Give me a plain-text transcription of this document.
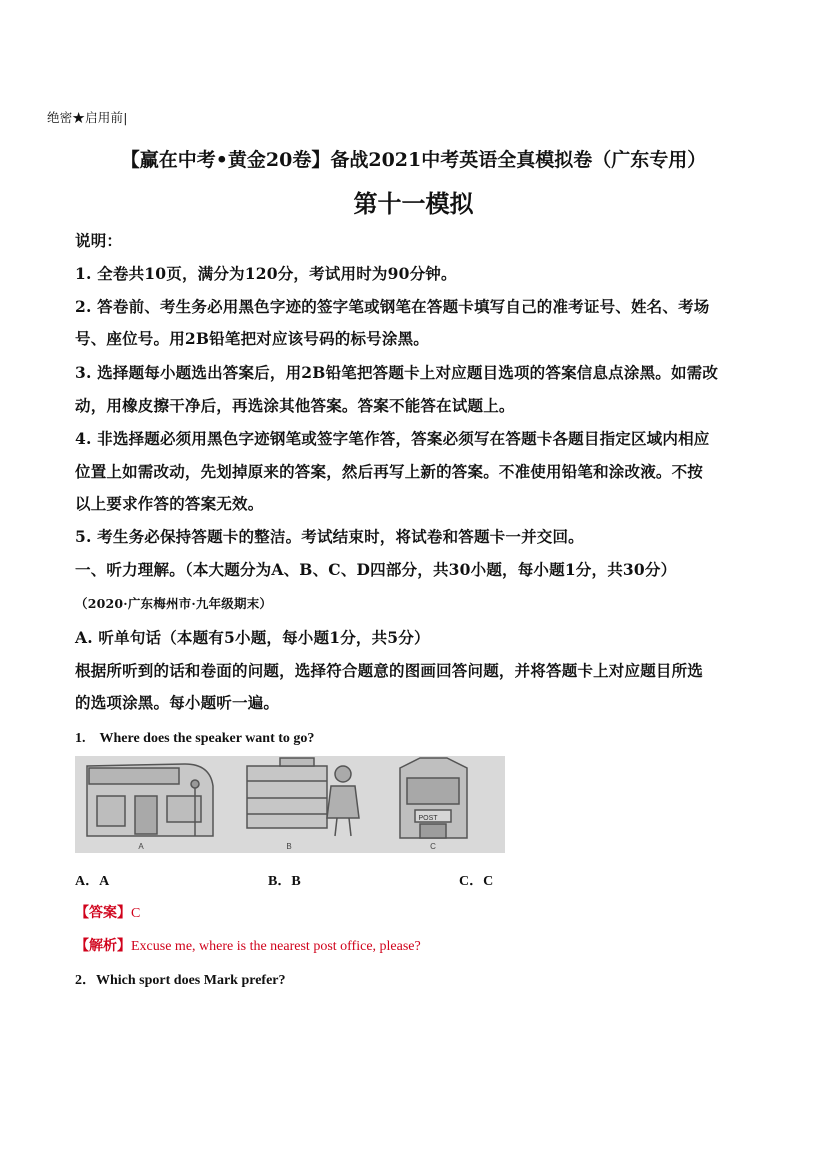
绝密★启用前|
【赢在中考•黄金20卷】备战2021中考英语全真模拟卷（广东专用）
第十一模拟
说明：
1. 全卷共10页，满分为120分，考试用时为90分钟。
2. 答卷前、考生务必用黑色字迹的签字笔或钢笔在答题卡填写自己的准考证号、姓名、考场
号、座位号。用2B铅笔把对应该号码的标号涂黑。
3. 选择题每小题选出答案后，用2B铅笔把答题卡上对应题目选项的答案信息点涂黑。如需改
动，用橡皮擦干净后，再选涂其他答案。答案不能答在试题上。
4. 非选择题必须用黑色字迹钢笔或签字笔作答，答案必须写在答题卡各题目指定区域内相应
位置上如需改动，先划掉原来的答案，然后再写上新的答案。不准使用铅笔和涂改液。不按
以上要求作答的答案无效。
5. 考生务必保持答题卡的整洁。考试结束时，将试卷和答题卡一并交回。
一、听力理解。（本大题分为A、B、C、D四部分，共30小题，每小题1分，共30分）
（2020·广东梅州市·九年级期末）
A. 听单句话（本题有5小题，每小题1分，共5分）
根据所听到的话和卷面的问题，选择符合题意的图画回答问题，并将答题卡上对应题目所选
的选项涂黑。每小题听一遍。
1.　Where does the speaker want to go?
POST
A	B	C
A．A	B．B	C．C
【答案】C
【解析】Excuse me, where is the nearest post office, please?
2．Which sport does Mark prefer?
